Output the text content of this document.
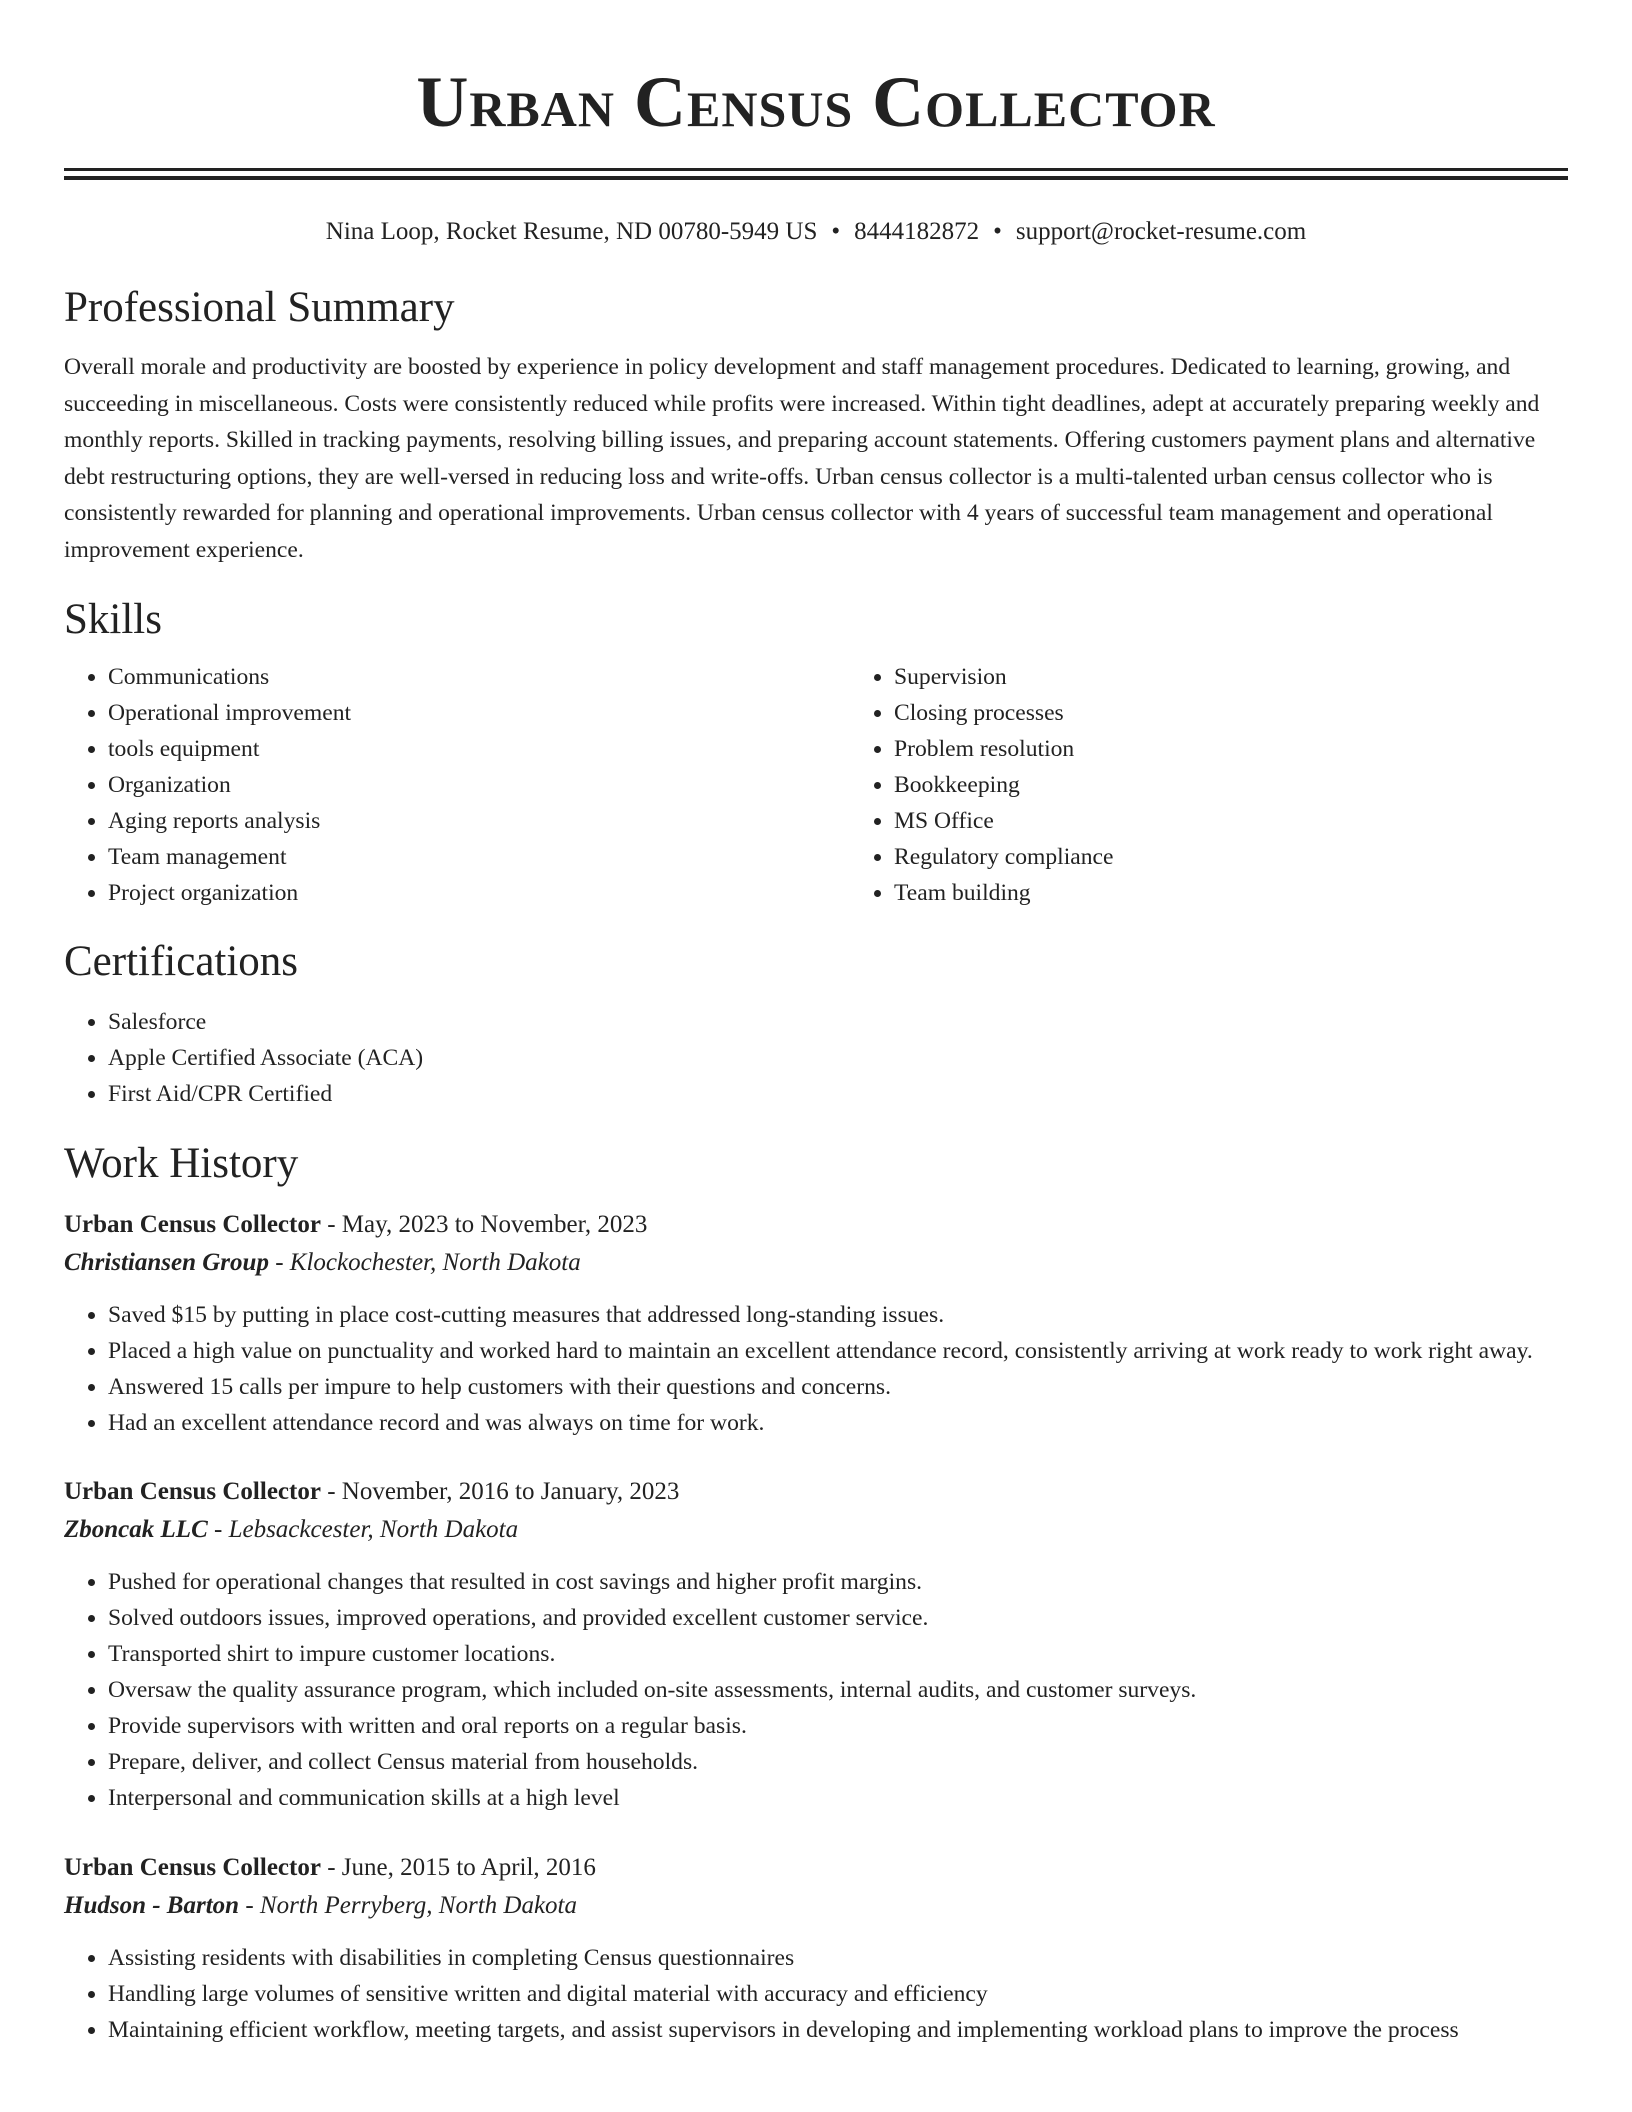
Urban Census Collector
Nina Loop, Rocket Resume, ND 00780-5949 US • 8444182872 • support@rocket-resume.com
Professional Summary

Overall morale and productivity are boosted by experience in policy development and staff management procedures. Dedicated to learning, growing, and succeeding in miscellaneous. Costs were consistently reduced while profits were increased. Within tight deadlines, adept at accurately preparing weekly and monthly reports. Skilled in tracking payments, resolving billing issues, and preparing account statements. Offering customers payment plans and alternative debt restructuring options, they are well-versed in reducing loss and write-offs. Urban census collector is a multi-talented urban census collector who is consistently rewarded for planning and operational improvements. Urban census collector with 4 years of successful team management and operational improvement experience.

Skills
• Communications
• Operational improvement
• tools equipment
• Organization
• Aging reports analysis
• Team management
• Project organization
• Supervision
• Closing processes
• Problem resolution
• Bookkeeping
• MS Office
• Regulatory compliance
• Team building
Certifications
• Salesforce
• Apple Certified Associate (ACA)
• First Aid/CPR Certified
Work History
Urban Census Collector - May, 2023 to November, 2023
Christiansen Group - Klockochester, North Dakota
• Saved $15 by putting in place cost-cutting measures that addressed long-standing issues.
• Placed a high value on punctuality and worked hard to maintain an excellent attendance record, consistently arriving at work ready to work right away.
• Answered 15 calls per impure to help customers with their questions and concerns.
• Had an excellent attendance record and was always on time for work.
Urban Census Collector - November, 2016 to January, 2023
Zboncak LLC - Lebsackcester, North Dakota
• Pushed for operational changes that resulted in cost savings and higher profit margins.
• Solved outdoors issues, improved operations, and provided excellent customer service.
• Transported shirt to impure customer locations.
• Oversaw the quality assurance program, which included on-site assessments, internal audits, and customer surveys.
• Provide supervisors with written and oral reports on a regular basis.
• Prepare, deliver, and collect Census material from households.
• Interpersonal and communication skills at a high level
Urban Census Collector - June, 2015 to April, 2016
Hudson - Barton - North Perryberg, North Dakota
• Assisting residents with disabilities in completing Census questionnaires
• Handling large volumes of sensitive written and digital material with accuracy and efficiency
• Maintaining efficient workflow, meeting targets, and assist supervisors in developing and implementing workload plans to improve the process
